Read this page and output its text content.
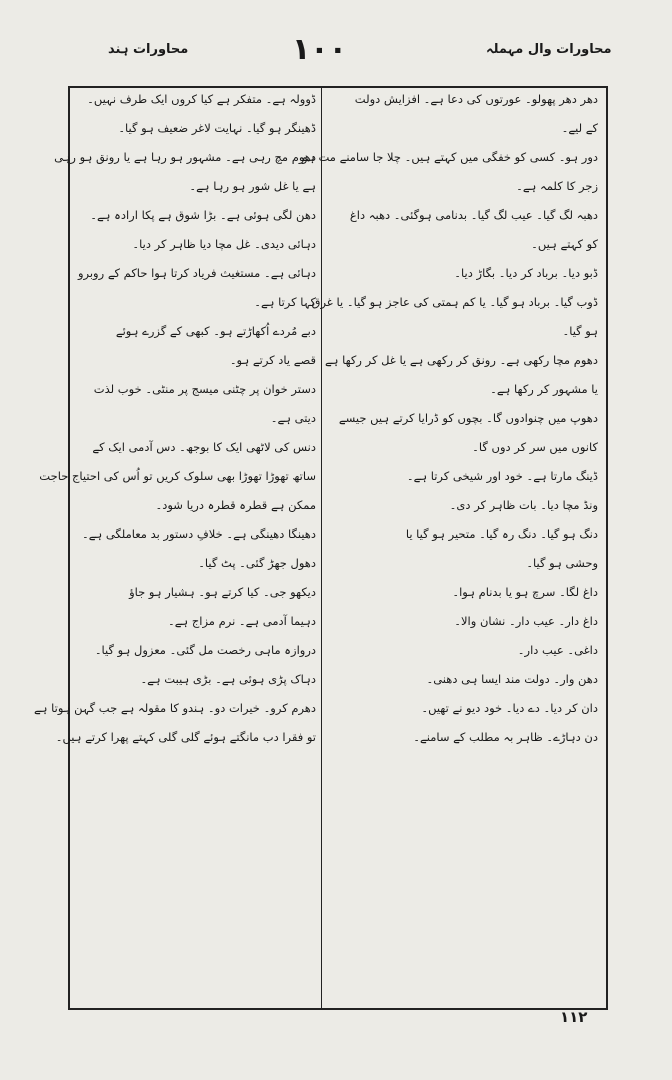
محاورات وال مہملہ
١٠٠
محاورات ہند
دھر دھر پھولو۔ عورتوں کی دعا ہے۔ افزایش دولت
کے لیے۔
دور ہو۔ کسی کو خفگی میں کہتے ہیں۔ چلا جا سامنے مت ہو
زجر کا کلمہ ہے۔
دھبہ لگ گیا۔ عیب لگ گیا۔ بدنامی ہوگئی۔ دھبہ داغ
کو کہتے ہیں۔
ڈبو دیا۔ برباد کر دیا۔ بگاڑ دیا۔
ڈوب گیا۔ برباد ہو گیا۔ یا کم ہمتی کی عاجز ہو گیا۔ یا غرق
ہو گیا۔
دھوم مچا رکھی ہے۔ رونق کر رکھی ہے یا غل کر رکھا ہے
یا مشہور کر رکھا ہے۔
دھوپ میں چنوادوں گا۔ بچوں کو ڈرایا کرتے ہیں جیسے
کانوں میں سر کر دوں گا۔
ڈینگ مارتا ہے۔ خود اور شیخی کرتا ہے۔
ونڈ مچا دیا۔ بات ظاہر کر دی۔
دنگ ہو گیا۔ دنگ رہ گیا۔ متحیر ہو گیا یا
وحشی ہو گیا۔
داغ لگا۔ سرچ ہو یا بدنام ہوا۔
داغ دار۔ عیب دار۔ نشان والا۔
داغی۔ عیب دار۔
دھن وار۔ دولت مند ایسا ہی دھنی۔
دان کر دیا۔ دے دیا۔ خود دیو نے تھیں۔
دن دہاڑے۔ ظاہر بہ مطلب کے سامنے۔
ڈوولہ ہے۔ متفکر ہے کیا کروں ایک طرف نہیں۔
ڈھینگر ہو گیا۔ نہایت لاغر ضعیف ہو گیا۔
دھوم مچ رہی ہے۔ مشہور ہو رہا ہے یا رونق ہو رہی
ہے یا غل شور ہو رہا ہے۔
دھن لگی ہوئی ہے۔ بڑا شوق ہے پکا ارادہ ہے۔
دہائی دیدی۔ غل مچا دیا ظاہر کر دیا۔
دہائی ہے۔ مستغیث فریاد کرتا ہوا حاکم کے روبرو
کہا کرتا ہے۔
دبے مُردے اُکھاڑتے ہو۔ کبھی کے گزرے ہوئے
قصے یاد کرتے ہو۔
دستر خوان پر چٹنی میسج پر منٹی۔ خوب لذت
دیتی ہے۔
دنس کی لاٹھی ایک کا بوجھ۔ دس آدمی ایک کے
ساتھ تھوڑا تھوڑا بھی سلوک کریں تو اُس کی احتیاج حاجت
ممکن ہے قطرہ قطرہ دریا شود۔
دھینگا دھینگی ہے۔ خلافِ دستور بد معاملگی ہے۔
دھول جھڑ گئی۔ پٹ گیا۔
دیکھو جی۔ کیا کرتے ہو۔ ہشیار ہو جاؤ
دہیما آدمی ہے۔ نرم مزاج ہے۔
دروازہ ماہی رخصت مل گئی۔ معزول ہو گیا۔
دہاک پڑی ہوئی ہے۔ بڑی ہیبت ہے۔
دھرم کرو۔ خیرات دو۔ ہندو کا مقولہ ہے جب گہن ہوتا ہے
تو فقرا دب مانگتے ہوئے گلی گلی کہتے پھرا کرتے ہیں۔
١١٢
